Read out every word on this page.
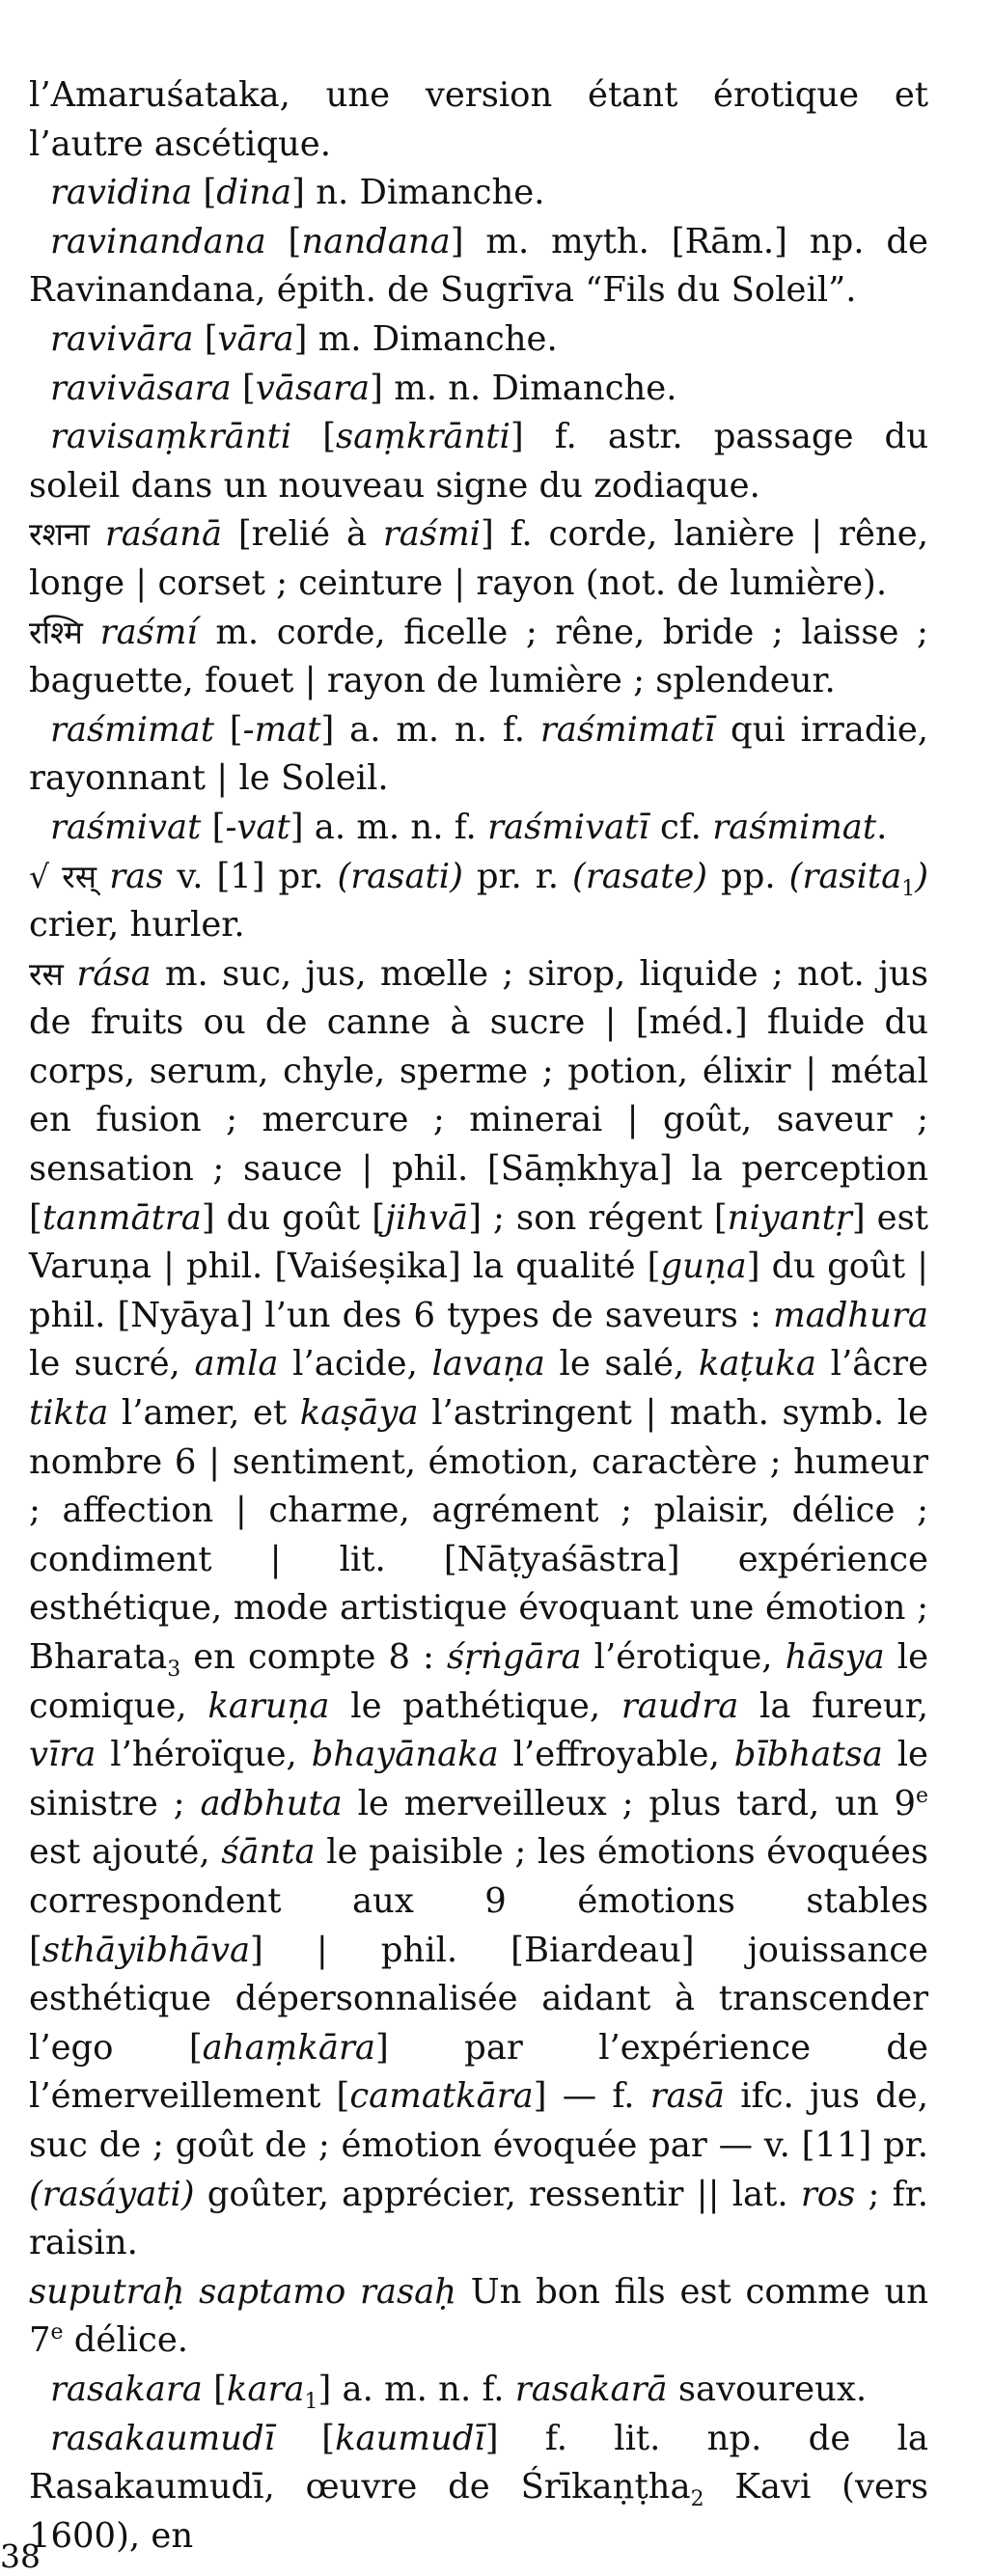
l’Amaruśataka, une version étant érotique et l’autre ascétique.

ravidina [dina] n. Dimanche.

ravinandana [nandana] m. myth. [Rām.] np. de Ravinandana, épith. de Sugrīva “Fils du Soleil”.

ravivāra [vāra] m. Dimanche.

ravivāsara [vāsara] m. n. Dimanche.

ravisaṃkrānti [saṃkrānti] f. astr. passage du soleil dans un nouveau signe du zodiaque.

रशना raśanā [relié à raśmi] f. corde, lanière | rêne, longe | corset ; ceinture | rayon (not. de lumière).

रश्मि raśmí m. corde, ficelle ; rêne, bride ; laisse ; baguette, fouet | rayon de lumière ; splendeur.

raśmimat [-mat] a. m. n. f. raśmimatī qui irradie, rayonnant | le Soleil.

raśmivat [-vat] a. m. n. f. raśmivatī cf. raśmimat.

√ रस् ras v. [1] pr. (rasati) pr. r. (rasate) pp. (rasita$_1$) crier, hurler.

रस rása m. suc, jus, mœlle ; sirop, liquide ; not. jus de fruits ou de canne à sucre | [méd.] fluide du corps, serum, chyle, sperme ; potion, élixir | métal en fusion ; mercure ; minerai | goût, saveur ; sensation ; sauce | phil. [Sāṃkhya] la perception [tanmātra] du goût [jihvā] ; son régent [niyantṛ] est Varuṇa | phil. [Vaiśeṣika] la qualité [guṇa] du goût | phil. [Nyāya] l’un des 6 types de saveurs : madhura le sucré, amla l’acide, lavaṇa le salé, kaṭuka l’âcre tikta l’amer, et kaṣāya l’astringent | math. symb. le nombre 6 | sentiment, émotion, caractère ; humeur ; affection | charme, agrément ; plaisir, délice ; condiment | lit. [Nāṭyaśāstra] expérience esthétique, mode artistique évoquant une émotion ; Bharata$_3$ en compte 8 : śṛṅgāra l’érotique, hāsya le comique, karuṇa le pathétique, raudra la fureur, vīra l’héroïque, bhayānaka l’effroyable, bībhatsa le sinistre ; adbhuta le merveilleux ; plus tard, un 9e est ajouté, śānta le paisible ; les émotions évoquées correspondent aux 9 émotions stables [sthāyibhāva] | phil. [Biardeau] jouissance esthétique dépersonnalisée aidant à transcender l’ego [ahaṃkāra] par l’expérience de l’émerveillement [camatkāra] — f. rasā ifc. jus de, suc de ; goût de ; émotion évoquée par — v. [11] pr. (rasáyati) goûter, apprécier, ressentir || lat. ros ; fr. raisin.

suputraḥ saptamo rasaḥ Un bon fils est comme un 7e délice.

rasakara [kara$_1$] a. m. n. f. rasakarā savoureux.

rasakaumudī [kaumudī] f. lit. np. de la Rasakaumudī, œuvre de Śrīkaṇṭha$_2$ Kavi (vers 1600), en

38
